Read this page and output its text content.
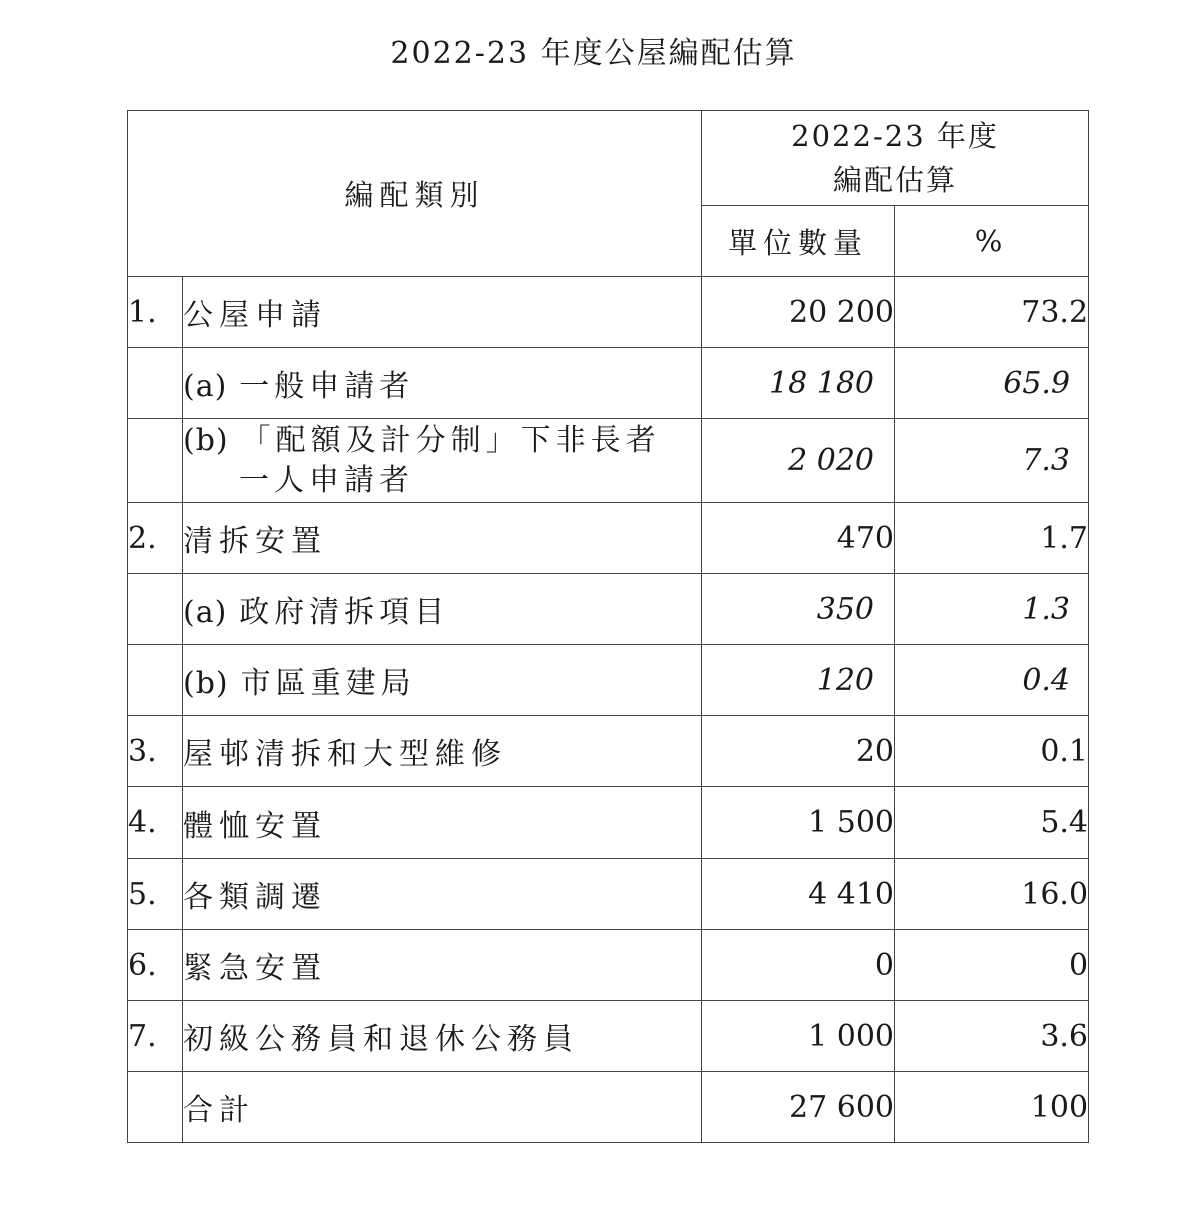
2022-23 年度公屋編配估算
編配類別		2022-23 年度
編配估算	

		單位數量	%
1.	公屋申請	20 200	73.2
	(a) 一般申請者	18 180	65.9
	(b) 「配額及計分制」下非長者
一人申請者	2 020	7.3
2.	清拆安置	470	1.7
	(a) 政府清拆項目	350	1.3
	(b) 市區重建局	120	0.4
3.	屋邨清拆和大型維修	20	0.1
4.	體恤安置	1 500	5.4
5.	各類調遷	4 410	16.0
6.	緊急安置	0	0
7.	初級公務員和退休公務員	1 000	3.6
	合計	27 600	100
